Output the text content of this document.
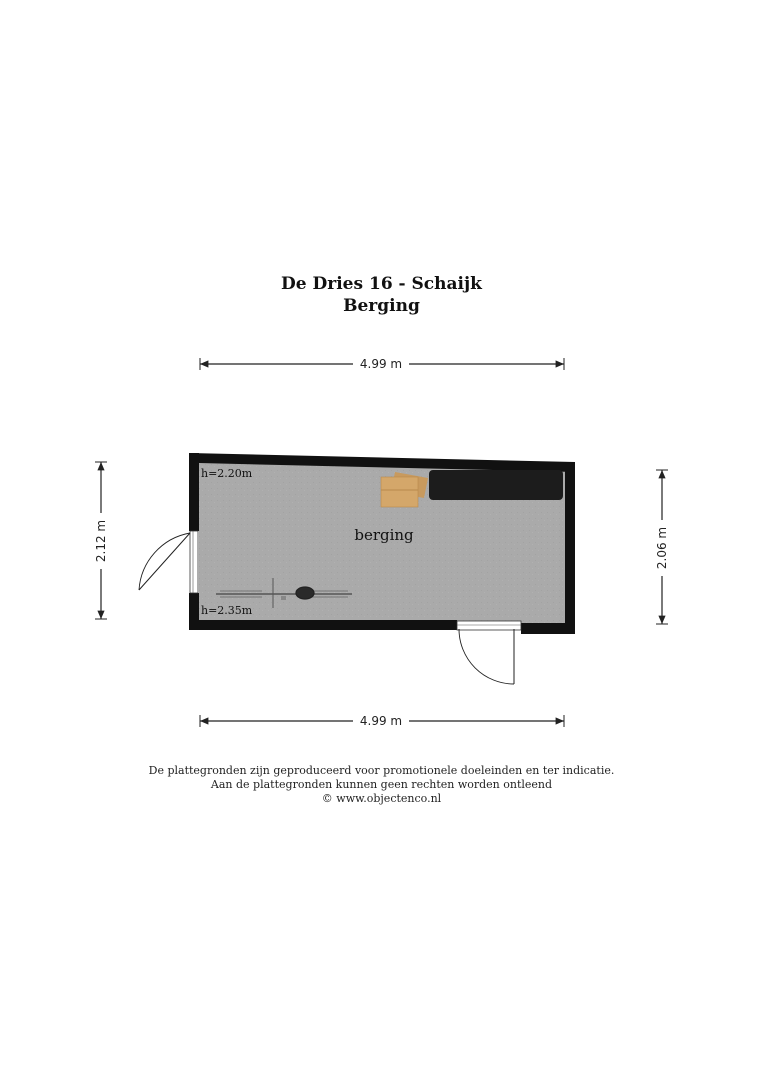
De Dries 16 - Schaijk
Berging
4.99 m
4.99 m
2.12 m	2.06 m
berging
h=2.20m
h=2.35m
De plattegronden zijn geproduceerd voor promotionele doeleinden en ter indicatie.
Aan de plattegronden kunnen geen rechten worden ontleend
© www.objectenco.nl
